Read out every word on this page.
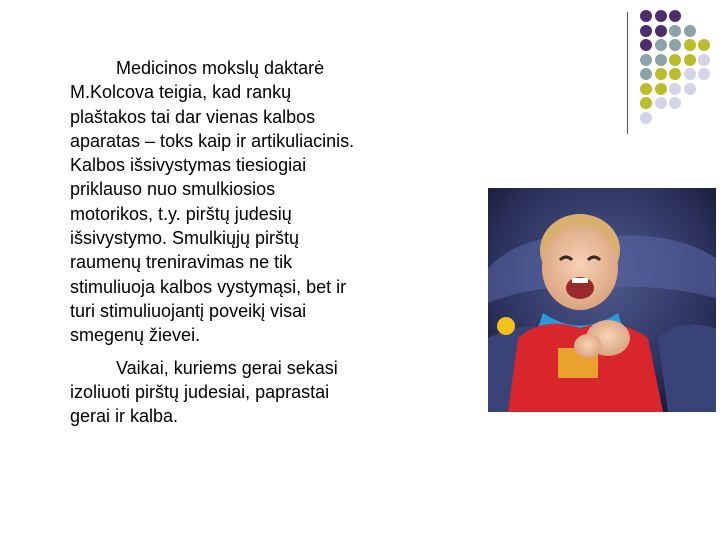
Medicinos mokslų daktarė M.Kolcova teigia, kad rankų plaštakos tai dar vienas kalbos aparatas – toks kaip ir artikuliacinis. Kalbos išsivystymas tiesiogiai priklauso nuo smulkiosios motorikos, t.y. pirštų judesių išsivystymo. Smulkiųjų pirštų raumenų treniravimas ne tik stimuliuoja kalbos vystymąsi, bet ir turi stimuliuojantį poveikį visai smegenų žievei.

Vaikai, kuriems gerai sekasi izoliuoti pirštų judesiai, paprastai gerai ir kalba.
